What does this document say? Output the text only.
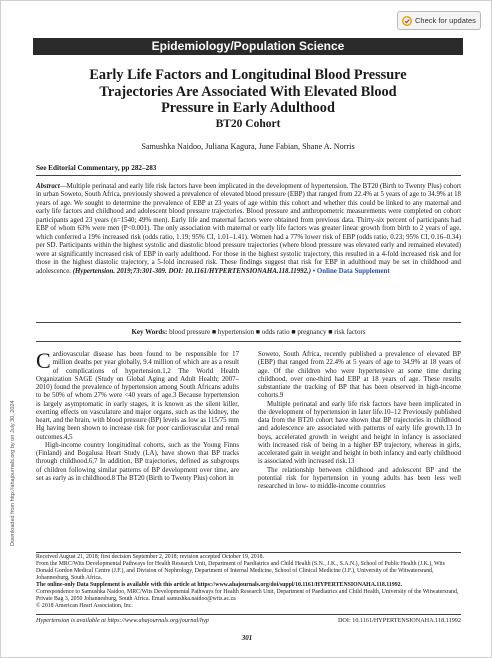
Check for updates
Epidemiology/Population Science
Early Life Factors and Longitudinal Blood Pressure
Trajectories Are Associated With Elevated Blood
Pressure in Early Adulthood
BT20 Cohort
Samushka Naidoo, Juliana Kagura, June Fabian, Shane A. Norris
See Editorial Commentary, pp 282–283
Abstract—Multiple perinatal and early life risk factors have been implicated in the development of hypertension. The BT20 (Birth to Twenty Plus) cohort in urban Soweto, South Africa, previously showed a prevalence of elevated blood pressure (EBP) that ranged from 22.4% at 5 years of age to 34.9% at 18 years of age. We sought to determine the prevalence of EBP at 23 years of age within this cohort and whether this could be linked to any maternal and early life factors and childhood and adolescent blood pressure trajectories. Blood pressure and anthropometric measurements were completed on cohort participants aged 23 years (n=1540; 49% men). Early life and maternal factors were obtained from previous data. Thirty-six percent of participants had EBP of whom 63% were men (P<0.001). The only association with maternal or early life factors was greater linear growth from birth to 2 years of age, which conferred a 19% increased risk (odds ratio, 1.19; 95% CI, 1.01–1.41). Women had a 77% lower risk of EBP (odds ratio, 0.23; 95% CI, 0.16–0.34) per SD. Participants within the highest systolic and diastolic blood pressure trajectories (where blood pressure was elevated early and remained elevated) were at significantly increased risk of EBP in early adulthood. For those in the highest systolic trajectory, this resulted in a 4-fold increased risk and for those in the highest diastolic trajectory, a 5-fold increased risk. These findings suggest that risk for EBP in adulthood may be set in childhood and adolescence. (Hypertension. 2019;73:301-309. DOI: 10.1161/HYPERTENSIONAHA.118.11992.) • Online Data Supplement
Key Words: blood pressure ■ hypertension ■ odds ratio ■ pregnancy ■ risk factors
Downloaded from http://ahajournals.org by on July 30, 2024

Cardiovascular disease has been found to be responsible for 17 million deaths per year globally, 9.4 million of which are as a result of complications of hypertension.1,2 The World Health Organization SAGE (Study on Global Aging and Adult Health; 2007–2010) found the prevalence of hypertension among South Africans adults to be 50% of whom 27% were <40 years of age.3 Because hypertension is largely asymptomatic in early stages, it is known as the silent killer, exerting effects on vasculature and major organs, such as the kidney, the heart, and the brain, with blood pressure (BP) levels as low as 115/75 mm Hg having been shown to increase risk for poor cardiovascular and renal outcomes.4,5

High-income country longitudinal cohorts, such as the Young Finns (Finland) and Bogalusa Heart Study (LA), have shown that BP tracks through childhood.6,7 In addition, BP trajectories, defined as subgroups of children following similar patterns of BP development over time, are set as early as in childhood.8 The BT20 (Birth to Twenty Plus) cohort in

Soweto, South Africa, recently published a prevalence of elevated BP (EBP) that ranged from 22.4% at 5 years of age to 34.9% at 18 years of age. Of the children who were hypertensive at some time during childhood, over one-third had EBP at 18 years of age. These results substantiate the tracking of BP that has been observed in high-income cohorts.9

Multiple perinatal and early life risk factors have been implicated in the development of hypertension in later life.10–12 Previously published data from the BT20 cohort have shown that BP trajectories in childhood and adolescence are associated with patterns of early life growth.13 In boys, accelerated growth in weight and height in infancy is associated with increased risk of being in a higher BP trajectory, whereas in girls, accelerated gain in weight and height in both infancy and early childhood is associated with increased risk.13

The relationship between childhood and adolescent BP and the potential risk for hypertension in young adults has been less well researched in low- to middle-income countries

Received August 21, 2018; first decision September 2, 2018; revision accepted October 19, 2018.
From the MRC/Wits Developmental Pathways for Health Research Unit, Department of Paediatrics and Child Health (S.N., J.K., S.A.N.), School of Public Health (J.K.), Wits Donald Gordon Medical Centre (J.F.), and Division of Nephrology, Department of Internal Medicine, School of Clinical Medicine (J.F.), University of the Witwatersrand, Johannesburg, South Africa.
The online-only Data Supplement is available with this article at https://www.ahajournals.org/doi/suppl/10.1161/HYPERTENSIONAHA.118.11992.
Correspondence to Samushka Naidoo, MRC/Wits Developmental Pathways for Health Research Unit, Department of Paediatrics and Child Health, University of the Witwatersrand, Private Bag 3, 2050 Johannesburg, South Africa. Email samushka.naidoo@wits.ac.za
© 2018 American Heart Association, Inc.
Hypertension is available at https://www.ahajournals.org/journal/hyp	DOI: 10.1161/HYPERTENSIONAHA.118.11992
301
